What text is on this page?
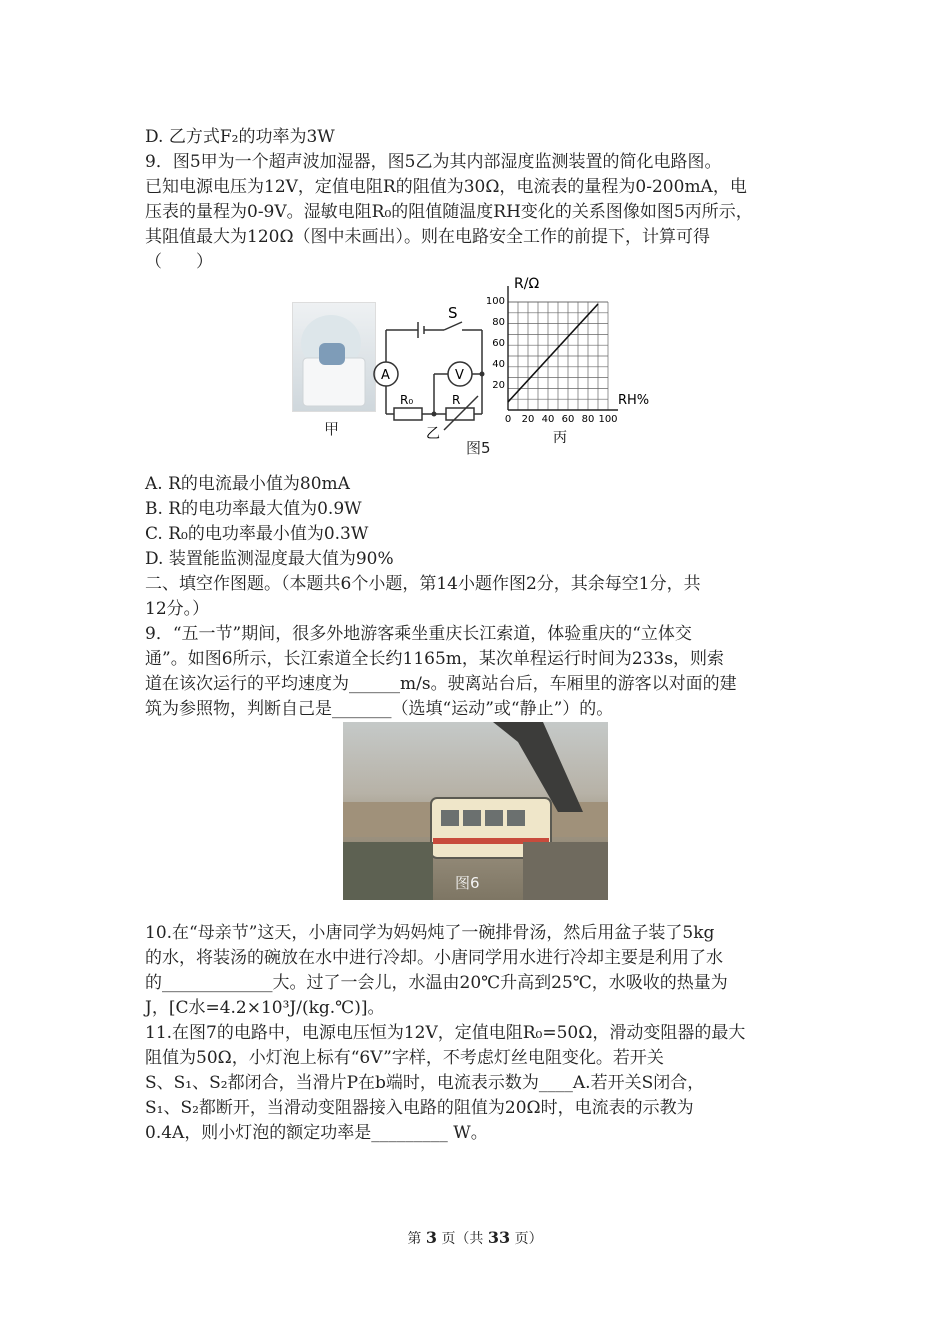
D. 乙方式F₂的功率为3W
9．图5甲为一个超声波加湿器，图5乙为其内部湿度监测装置的简化电路图。
已知电源电压为12V，定值电阻R的阻值为30Ω，电流表的量程为0-200mA，电
压表的量程为0-9V。湿敏电阻R₀的阻值随温度RH变化的关系图像如图5丙所示，
其阻值最大为120Ω（图中未画出）。则在电路安全工作的前提下，计算可得
（　　）
甲
S
A	V
R₀	R
乙
R/Ω
RH%
100
80
60
40
20
0 20 40 60 80 100
丙
图5
A. R的电流最小值为80mA
B. R的电功率最大值为0.9W
C. R₀的电功率最小值为0.3W
D. 装置能监测湿度最大值为90%
二、填空作图题。（本题共6个小题，第14小题作图2分，其余每空1分，共
12分。）
9．“五一节”期间，很多外地游客乘坐重庆长江索道，体验重庆的“立体交
通”。如图6所示，长江索道全长约1165m，某次单程运行时间为233s，则索
道在该次运行的平均速度为______m/s。驶离站台后，车厢里的游客以对面的建
筑为参照物，判断自己是_______（选填“运动”或“静止”）的。
图6
10.在“母亲节”这天，小唐同学为妈妈炖了一碗排骨汤，然后用盆子装了5kg
的水，将装汤的碗放在水中进行冷却。小唐同学用水进行冷却主要是利用了水
的_____________大。过了一会儿，水温由20℃升高到25℃，水吸收的热量为
J，[C水=4.2×10³J/(kg.℃)]。
11.在图7的电路中，电源电压恒为12V，定值电阻R₀=50Ω，滑动变阻器的最大
阻值为50Ω，小灯泡上标有“6V”字样，不考虑灯丝电阻变化。若开关
S、S₁、S₂都闭合，当滑片P在b端时，电流表示数为____A.若开关S闭合，
S₁、S₂都断开，当滑动变阻器接入电路的阻值为20Ω时，电流表的示教为
0.4A，则小灯泡的额定功率是_________ W。
第 3 页（共 33 页）
